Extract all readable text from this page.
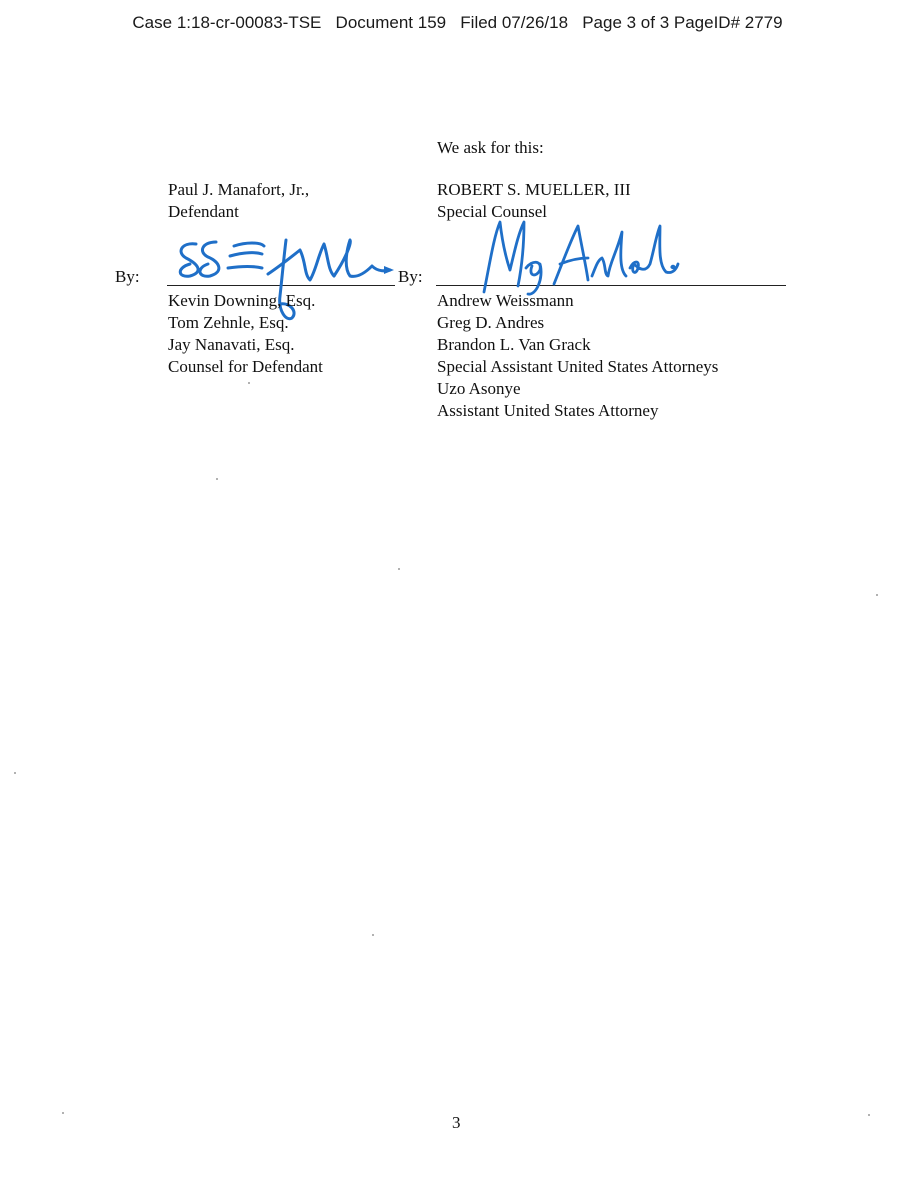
Case 1:18-cr-00083-TSE   Document 159   Filed 07/26/18   Page 3 of 3 PageID# 2779
We ask for this:
ROBERT S. MUELLER, III
Special Counsel
Paul J. Manafort, Jr.,
Defendant
By:	By:
Kevin Downing, Esq.
Tom Zehnle, Esq.
Jay Nanavati, Esq.
Counsel for Defendant
Andrew Weissmann
Greg D. Andres
Brandon L. Van Grack
Special Assistant United States Attorneys
Uzo Asonye
Assistant United States Attorney
3
